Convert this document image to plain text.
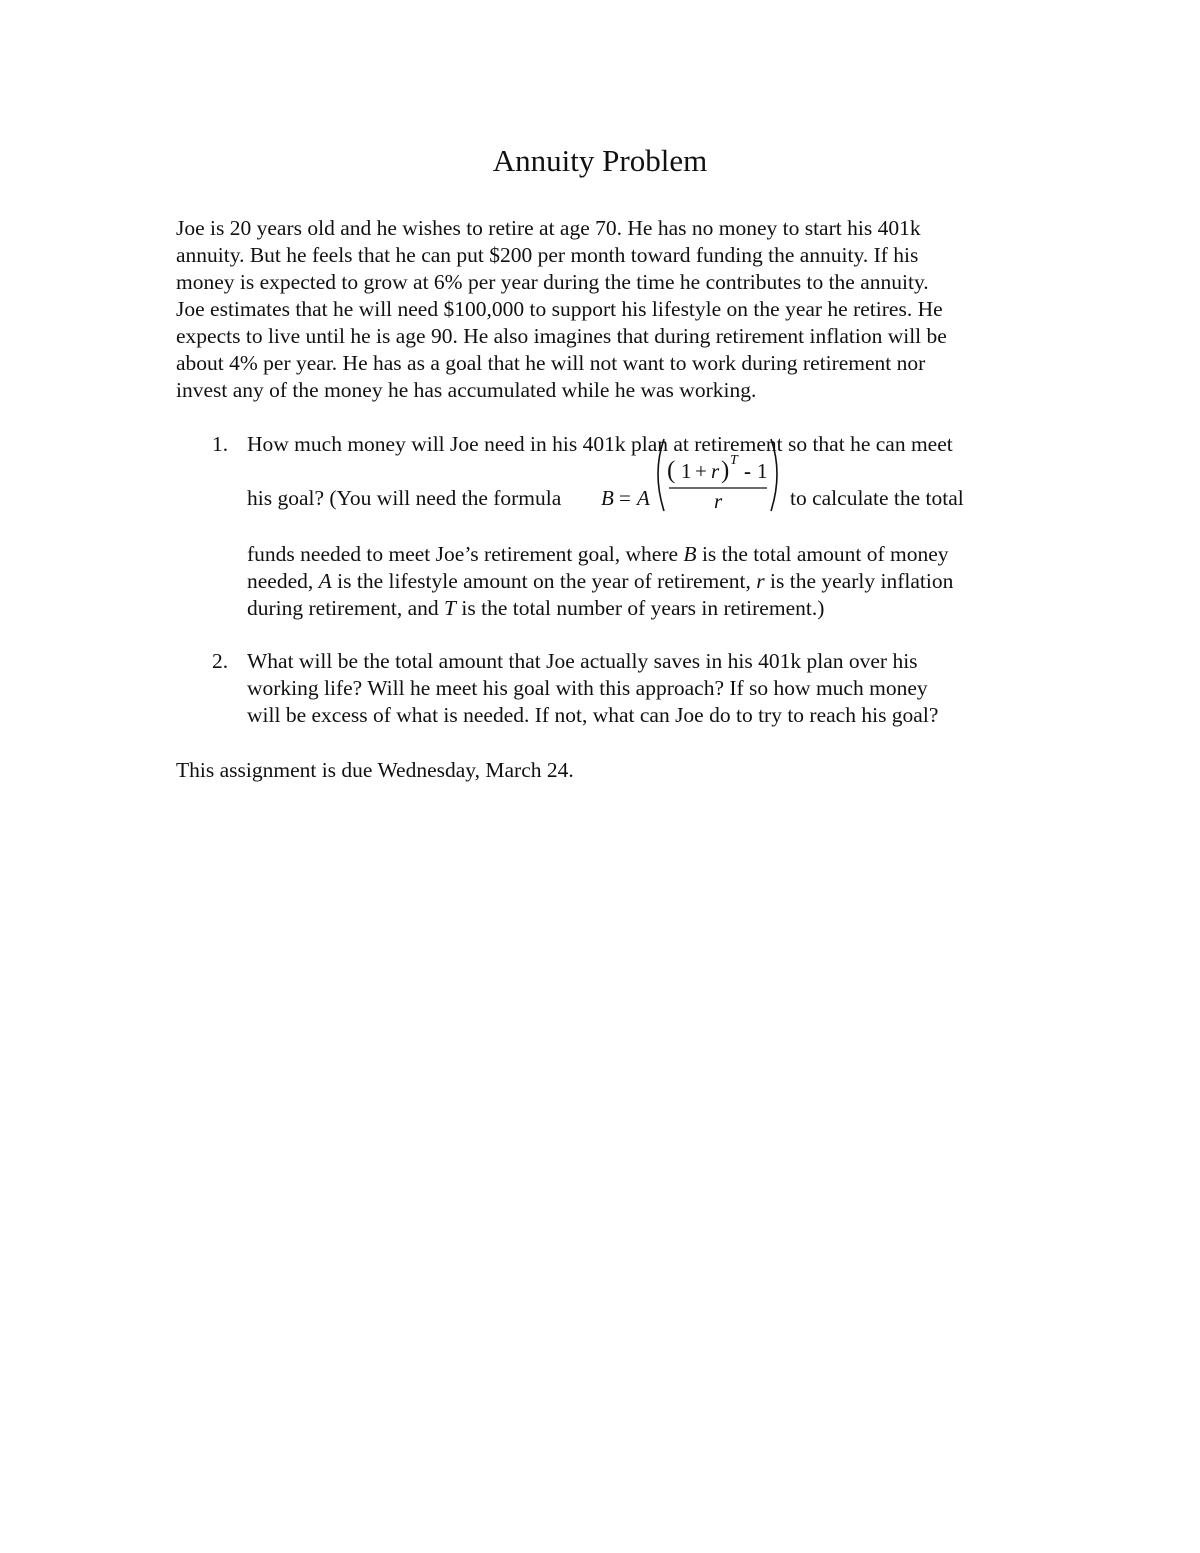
Annuity Problem
Joe is 20 years old and he wishes to retire at age 70. He has no money to start his 401k
annuity. But he feels that he can put $200 per month toward funding the annuity. If his
money is expected to grow at 6% per year during the time he contributes to the annuity.
Joe estimates that he will need $100,000 to support his lifestyle on the year he retires. He
expects to live until he is age 90. He also imagines that during retirement inflation will be
about 4% per year. He has as a goal that he will not want to work during retirement nor
invest any of the money he has accumulated while he was working.
1. How much money will Joe need in his 401k plan at retirement so that he can meet
his goal? (You will need the formula B = A
( 1 + r ) T - 1
r	to calculate the total
funds needed to meet Joe’s retirement goal, where B is the total amount of money
needed, A is the lifestyle amount on the year of retirement, r is the yearly inflation
during retirement, and T is the total number of years in retirement.)
2. What will be the total amount that Joe actually saves in his 401k plan over his
working life? Will he meet his goal with this approach? If so how much money
will be excess of what is needed. If not, what can Joe do to try to reach his goal?
This assignment is due Wednesday, March 24.
